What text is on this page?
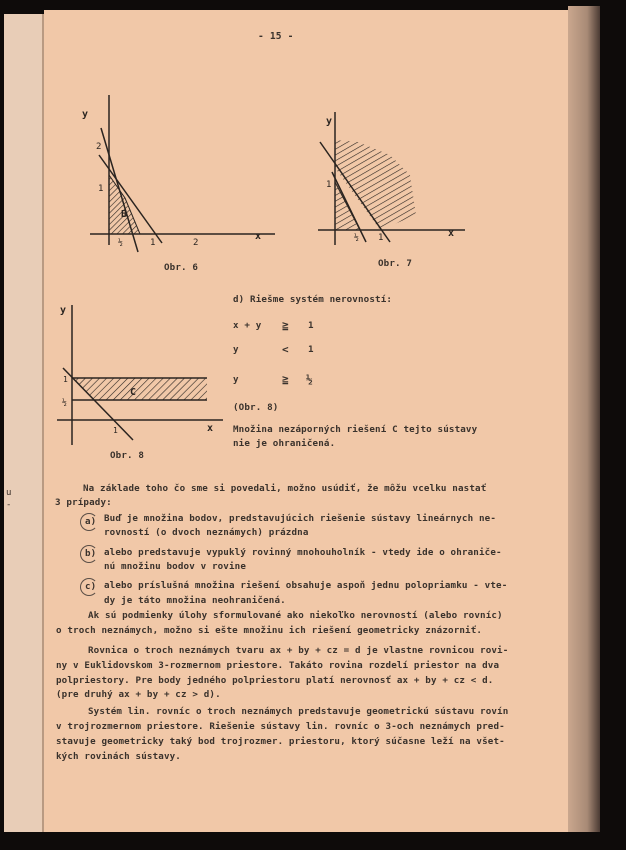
u
-
- 15 -
y
x
2
1
½	1	2
B
Obr. 6
y
x
1
½ 1
Obr. 7
y
x
1
½
1
C
Obr. 8
d) Riešme systém nerovností:
x + y ≧ 1
y	< 1
y	≧ ½
(Obr. 8)
Množina nezáporných riešení C tejto sústavy
nie je ohraničená.
Na základe toho čo sme si povedali, možno usúdiť, že môžu vcelku nastať
3 prípady:
a) Buď je množina bodov, predstavujúcich riešenie sústavy lineárnych ne-
rovností (o dvoch neznámych) prázdna
b) alebo predstavuje vypuklý rovinný mnohouholník - vtedy ide o ohraniče-
nú množinu bodov v rovine
c) alebo príslušná množina riešení obsahuje aspoň jednu polopriamku - vte-
dy je táto množina neohraničená.
Ak sú podmienky úlohy sformulované ako niekoľko nerovností (alebo rovníc)
o troch neznámych, možno si ešte množinu ich riešení geometricky znázorniť.
Rovnica o troch neznámych tvaru ax + by + cz = d je vlastne rovnicou rovi-
ny v Euklidovskom 3-rozmernom priestore. Takáto rovina rozdelí priestor na dva
polpriestory. Pre body jedného polpriestoru platí nerovnosť ax + by + cz < d.
(pre druhý ax + by + cz > d).
Systém lin. rovníc o troch neznámych predstavuje geometrickú sústavu rovín
v trojrozmernom priestore. Riešenie sústavy lin. rovníc o 3-och neznámych pred-
stavuje geometricky taký bod trojrozmer. priestoru, ktorý súčasne leží na všet-
kých rovinách sústavy.
